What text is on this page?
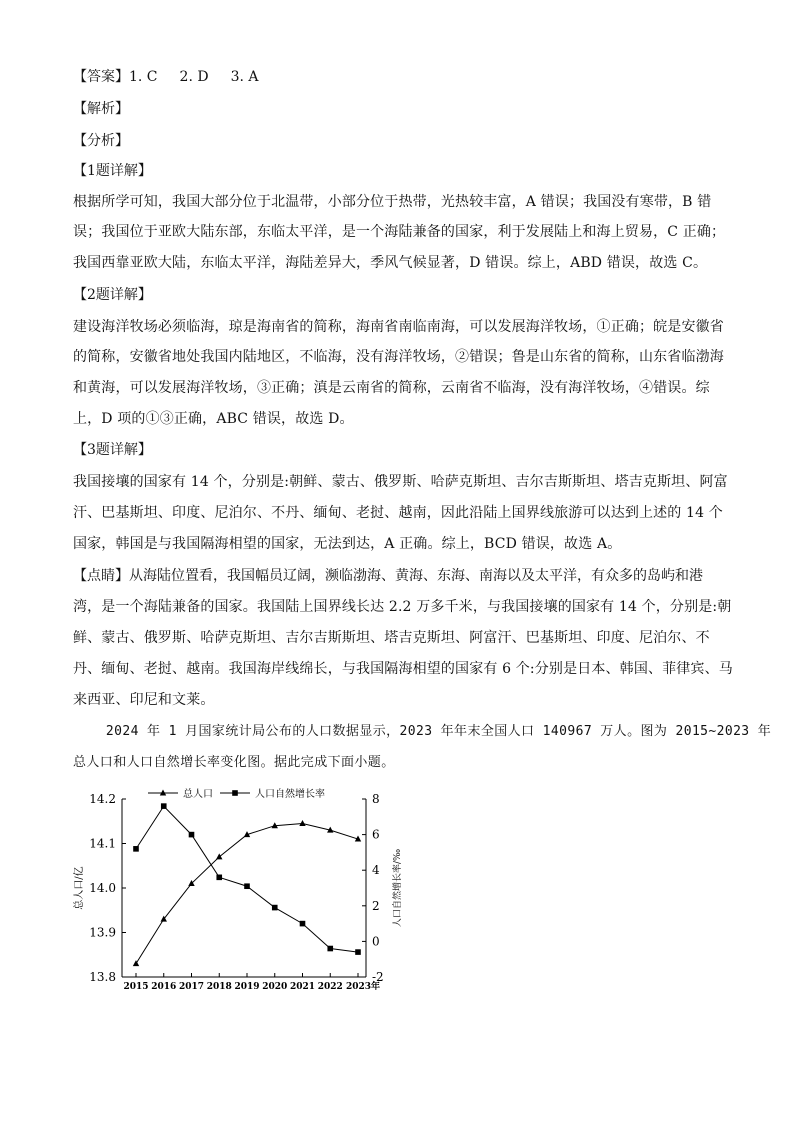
【答案】1. C 2. D 3. A
【解析】
【分析】
【1题详解】
根据所学可知，我国大部分位于北温带，小部分位于热带，光热较丰富，A 错误；我国没有寒带，B 错
误；我国位于亚欧大陆东部，东临太平洋，是一个海陆兼备的国家，利于发展陆上和海上贸易，C 正确；
我国西靠亚欧大陆，东临太平洋，海陆差异大，季风气候显著，D 错误。综上，ABD 错误，故选 C。
【2题详解】
建设海洋牧场必须临海，琼是海南省的简称，海南省南临南海，可以发展海洋牧场，①正确；皖是安徽省
的简称，安徽省地处我国内陆地区，不临海，没有海洋牧场，②错误；鲁是山东省的简称，山东省临渤海
和黄海，可以发展海洋牧场，③正确；滇是云南省的简称，云南省不临海，没有海洋牧场，④错误。综
上，D 项的①③正确，ABC 错误，故选 D。
【3题详解】
我国接壤的国家有 14 个，分别是:朝鲜、蒙古、俄罗斯、哈萨克斯坦、吉尔吉斯斯坦、塔吉克斯坦、阿富
汗、巴基斯坦、印度、尼泊尔、不丹、缅甸、老挝、越南，因此沿陆上国界线旅游可以达到上述的 14 个
国家，韩国是与我国隔海相望的国家，无法到达，A 正确。综上，BCD 错误，故选 A。
【点睛】从海陆位置看，我国幅员辽阔，濒临渤海、黄海、东海、南海以及太平洋，有众多的岛屿和港
湾，是一个海陆兼备的国家。我国陆上国界线长达 2.2 万多千米，与我国接壤的国家有 14 个，分别是:朝
鲜、蒙古、俄罗斯、哈萨克斯坦、吉尔吉斯斯坦、塔吉克斯坦、阿富汗、巴基斯坦、印度、尼泊尔、不
丹、缅甸、老挝、越南。我国海岸线绵长，与我国隔海相望的国家有 6 个:分别是日本、韩国、菲律宾、马
来西亚、印尼和文莱。
2024 年 1 月国家统计局公布的人口数据显示，2023 年年末全国人口 140967 万人。图为 2015~2023 年
总人口和人口自然增长率变化图。据此完成下面小题。
13.8
13.9
14.0
14.1
14.2
-2
0
2
4
6
8
2015 2016 2017 2018 2019 2020 2021 2022 2023年
总人口/亿	人口自然增长率/‰
总人口	人口自然增长率
